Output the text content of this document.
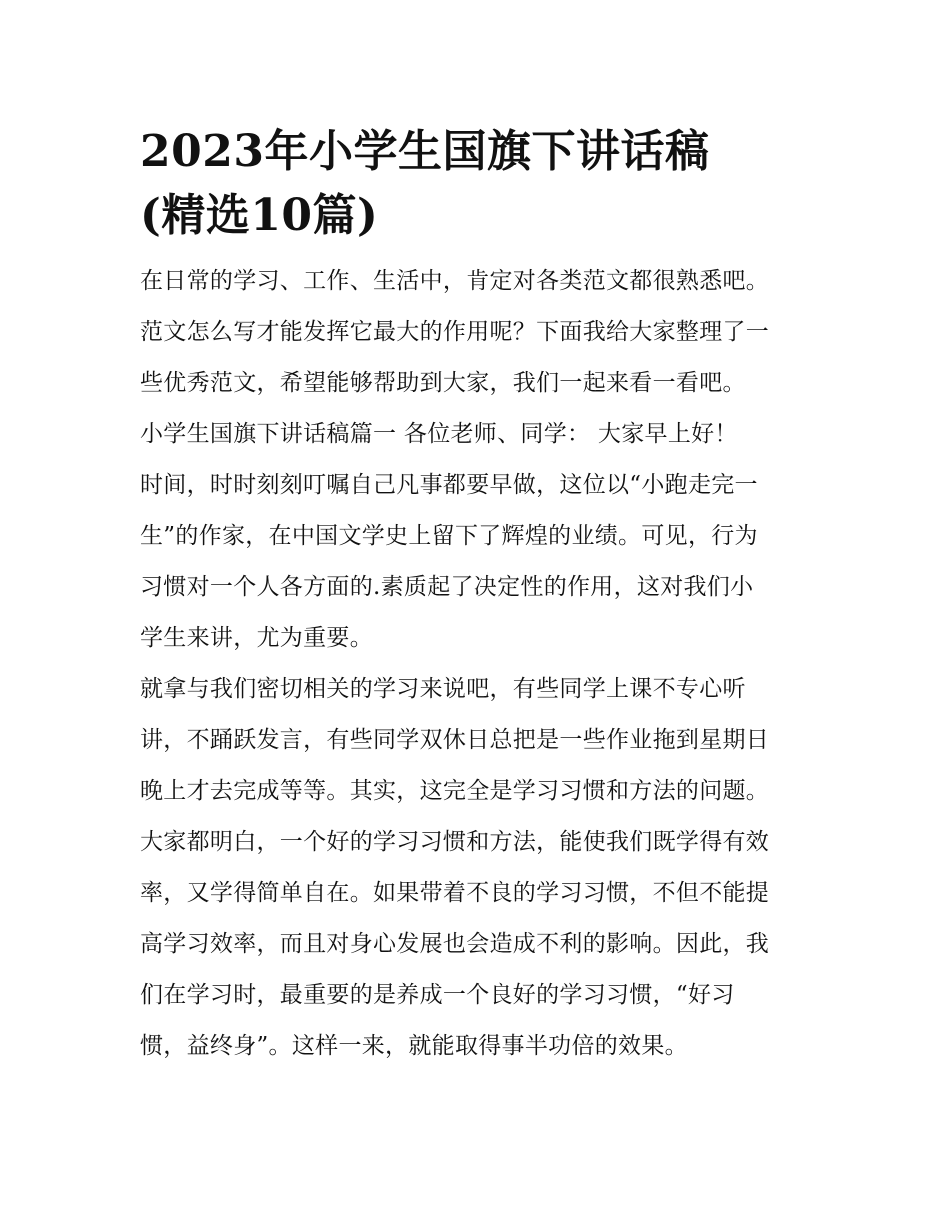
2023年小学生国旗下讲话稿
(精选10篇)
在日常的学习、工作、生活中，肯定对各类范文都很熟悉吧。
范文怎么写才能发挥它最大的作用呢？下面我给大家整理了一
些优秀范文，希望能够帮助到大家，我们一起来看一看吧。
小学生国旗下讲话稿篇一 各位老师、同学： 大家早上好！
时间，时时刻刻叮嘱自己凡事都要早做，这位以“小跑走完一
生”的作家，在中国文学史上留下了辉煌的业绩。可见，行为
习惯对一个人各方面的.素质起了决定性的作用，这对我们小
学生来讲，尤为重要。
就拿与我们密切相关的学习来说吧，有些同学上课不专心听
讲，不踊跃发言，有些同学双休日总把是一些作业拖到星期日
晚上才去完成等等。其实，这完全是学习习惯和方法的问题。
大家都明白，一个好的学习习惯和方法，能使我们既学得有效
率，又学得简单自在。如果带着不良的学习习惯，不但不能提
高学习效率，而且对身心发展也会造成不利的影响。因此，我
们在学习时，最重要的是养成一个良好的学习习惯，“好习
惯，益终身”。这样一来，就能取得事半功倍的效果。
